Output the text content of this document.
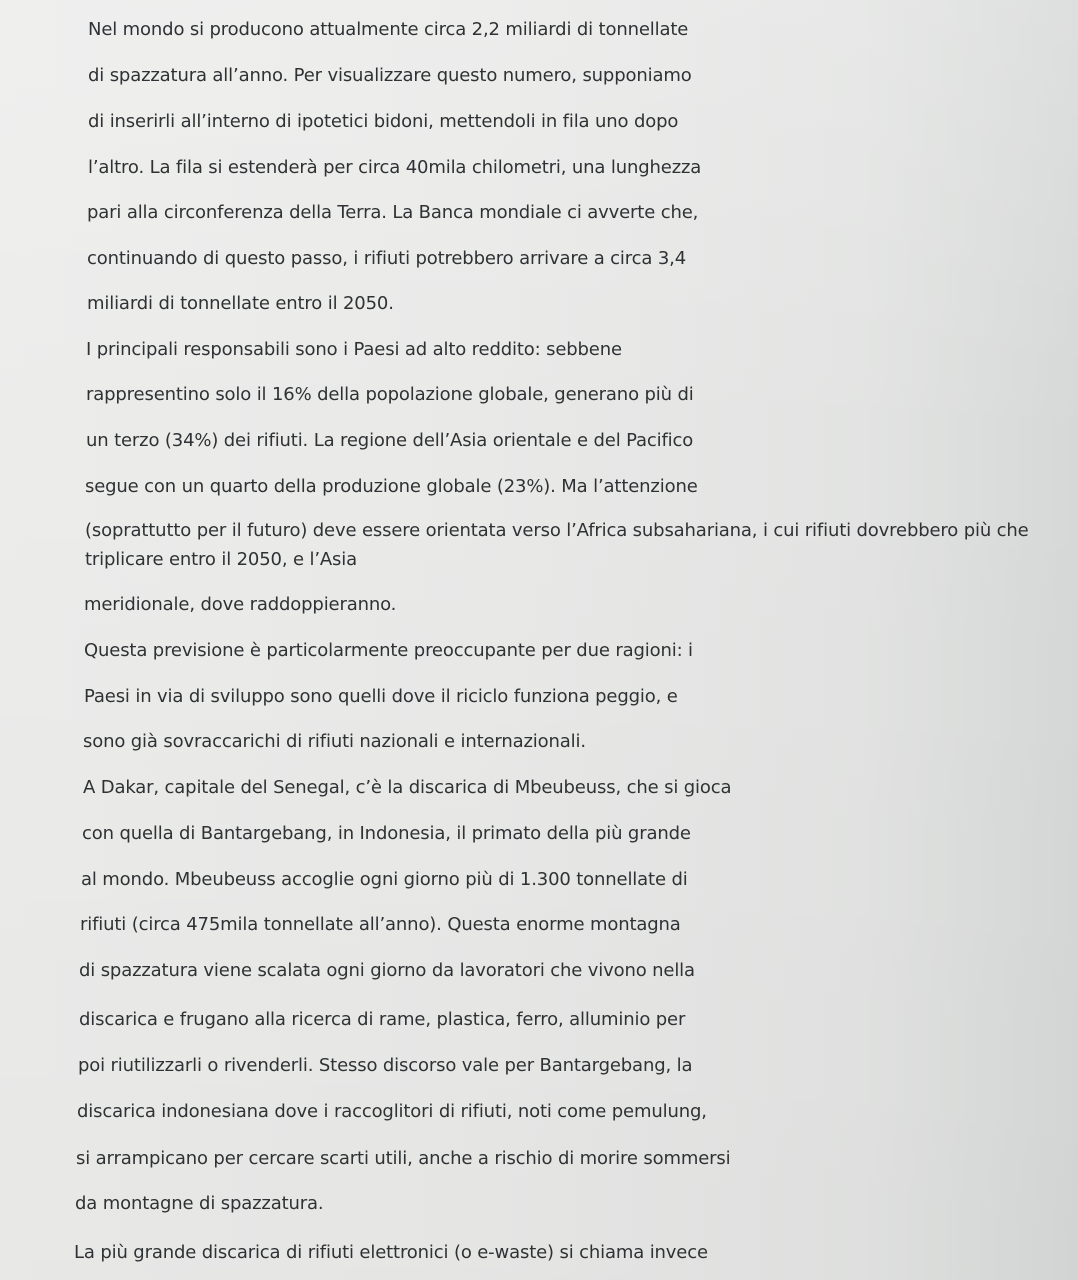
Nel mondo si producono attualmente circa 2,2 miliardi di tonnellate

di spazzatura all’anno. Per visualizzare questo numero, supponiamo

di inserirli all’interno di ipotetici bidoni, mettendoli in fila uno dopo

l’altro. La fila si estenderà per circa 40mila chilometri, una lunghezza

pari alla circonferenza della Terra. La Banca mondiale ci avverte che,

continuando di questo passo, i rifiuti potrebbero arrivare a circa 3,4

miliardi di tonnellate entro il 2050.

I principali responsabili sono i Paesi ad alto reddito: sebbene

rappresentino solo il 16% della popolazione globale, generano più di

un terzo (34%) dei rifiuti. La regione dell’Asia orientale e del Pacifico

segue con un quarto della produzione globale (23%). Ma l’attenzione

(soprattutto per il futuro) deve essere orientata verso l’Africa subsahariana, i cui rifiuti dovrebbero più che

triplicare entro il 2050, e l’Asia

meridionale, dove raddoppieranno.

Questa previsione è particolarmente preoccupante per due ragioni: i

Paesi in via di sviluppo sono quelli dove il riciclo funziona peggio, e

sono già sovraccarichi di rifiuti nazionali e internazionali.

A Dakar, capitale del Senegal, c’è la discarica di Mbeubeuss, che si gioca

con quella di Bantargebang, in Indonesia, il primato della più grande

al mondo. Mbeubeuss accoglie ogni giorno più di 1.300 tonnellate di

rifiuti (circa 475mila tonnellate all’anno). Questa enorme montagna

di spazzatura viene scalata ogni giorno da lavoratori che vivono nella

discarica e frugano alla ricerca di rame, plastica, ferro, alluminio per

poi riutilizzarli o rivenderli. Stesso discorso vale per Bantargebang, la

discarica indonesiana dove i raccoglitori di rifiuti, noti come pemulung,

si arrampicano per cercare scarti utili, anche a rischio di morire sommersi

da montagne di spazzatura.

La più grande discarica di rifiuti elettronici (o e-waste) si chiama invece
